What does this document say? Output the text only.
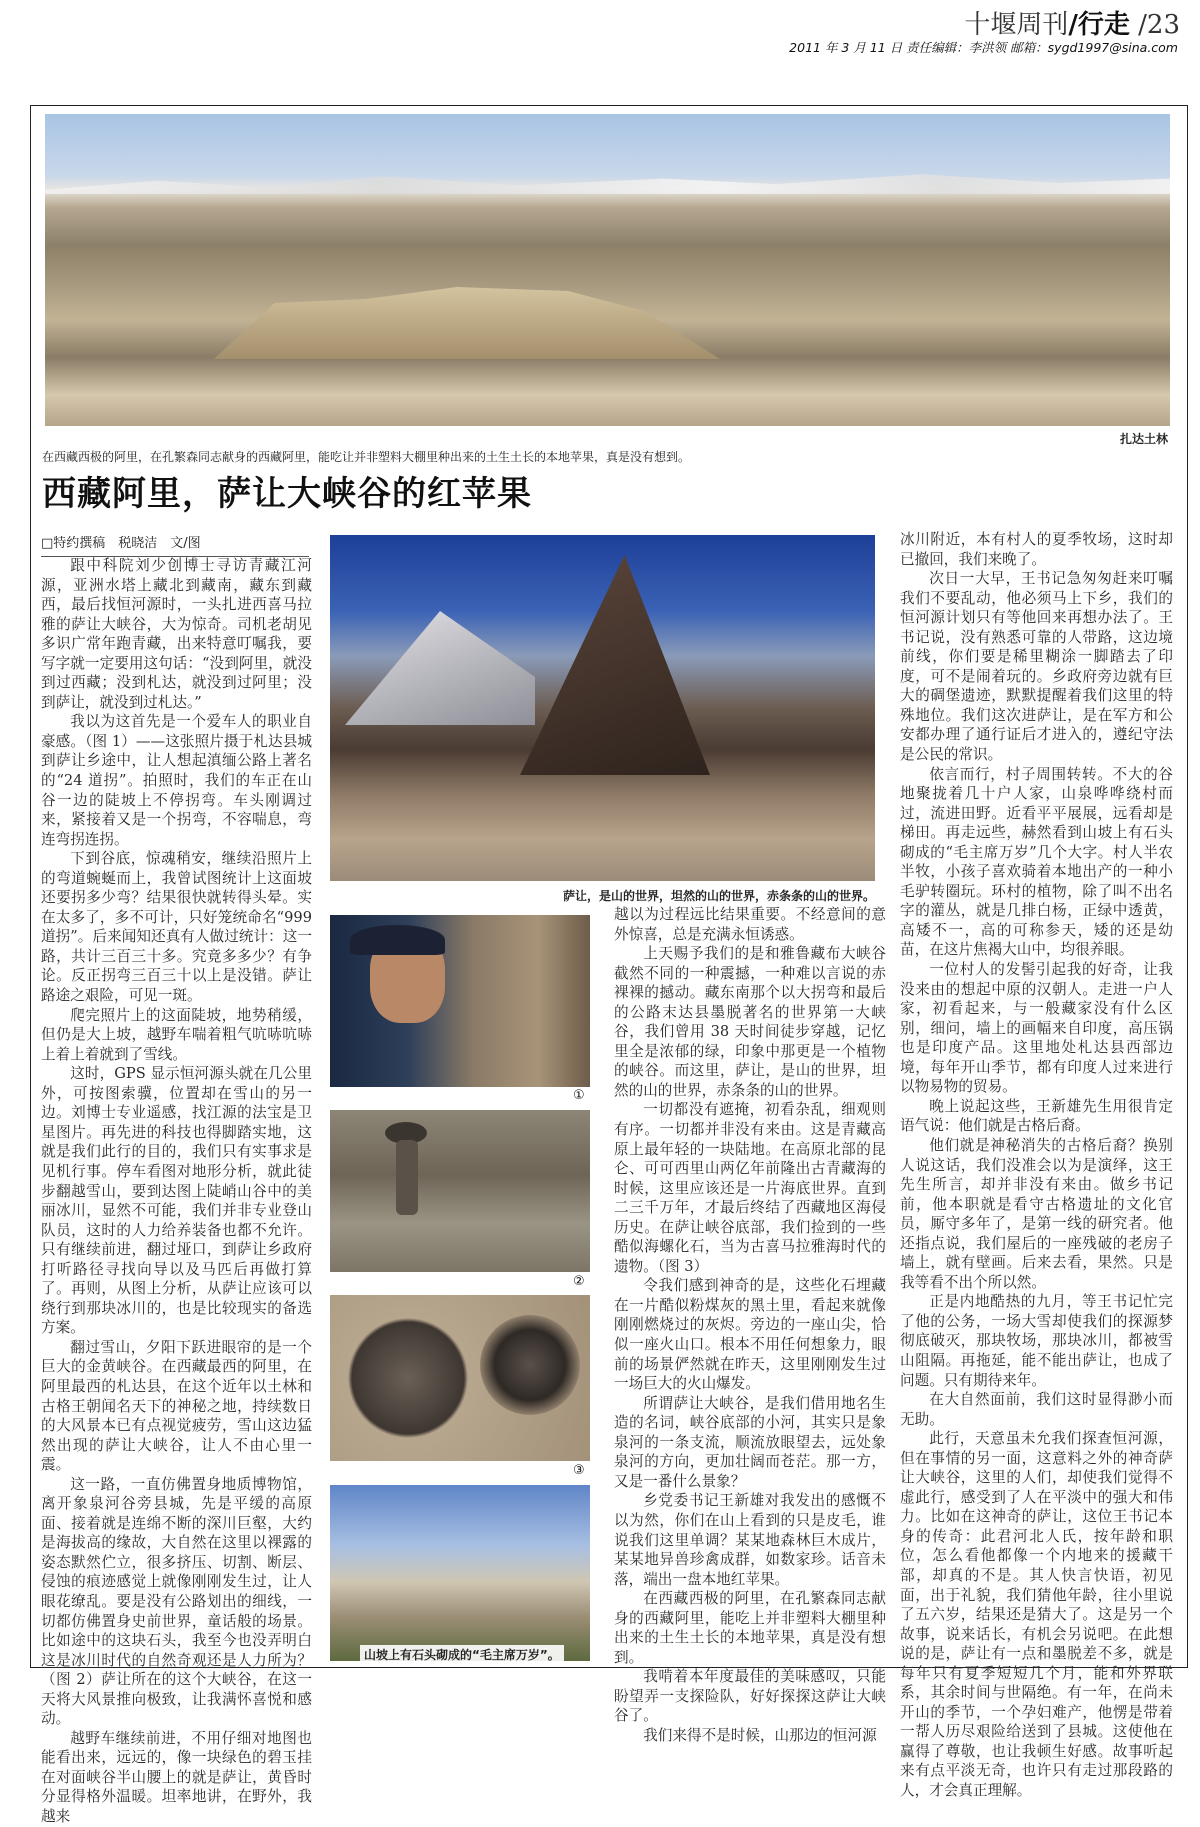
十堰周刊/行走 /23
2011 年 3 月 11 日 责任编辑：李洪领 邮箱：sygd1997@sina.com
扎达土林
在西藏西极的阿里，在孔繁森同志献身的西藏阿里，能吃让并非塑料大棚里种出来的土生土长的本地苹果，真是没有想到。
西藏阿里，萨让大峡谷的红苹果
□特约撰稿　税晓洁　文/图

跟中科院刘少创博士寻访青藏江河源，亚洲水塔上藏北到藏南，藏东到藏西，最后找恒河源时，一头扎进西喜马拉雅的萨让大峡谷，大为惊奇。司机老胡见多识广常年跑青藏，出来特意叮嘱我，要写字就一定要用这句话：“没到阿里，就没到过西藏；没到札达，就没到过阿里；没到萨让，就没到过札达。”

我以为这首先是一个爱车人的职业自豪感。（图 1）——这张照片摄于札达县城到萨让乡途中，让人想起滇缅公路上著名的“24 道拐”。拍照时，我们的车正在山谷一边的陡坡上不停拐弯。车头刚调过来，紧接着又是一个拐弯，不容喘息，弯连弯拐连拐。

下到谷底，惊魂稍安，继续沿照片上的弯道蜿蜒而上，我曾试图统计上这面坡还要拐多少弯？结果很快就转得头晕。实在太多了，多不可计，只好笼统命名“999 道拐”。后来闻知还真有人做过统计：这一路，共计三百三十多。究竟多多少？有争论。反正拐弯三百三十以上是没错。萨让路途之艰险，可见一斑。

爬完照片上的这面陡坡，地势稍缓，但仍是大上坡，越野车喘着粗气吭哧吭哧上着上着就到了雪线。

这时，GPS 显示恒河源头就在几公里外，可按图索骥，位置却在雪山的另一边。刘博士专业遥感，找江源的法宝是卫星图片。再先进的科技也得脚踏实地，这就是我们此行的目的，我们只有实事求是见机行事。停车看图对地形分析，就此徒步翻越雪山，要到达图上陡峭山谷中的美丽冰川，显然不可能，我们并非专业登山队员，这时的人力给养装备也都不允许。只有继续前进，翻过垭口，到萨让乡政府打听路径寻找向导以及马匹后再做打算了。再则，从图上分析，从萨让应该可以绕行到那块冰川的，也是比较现实的备选方案。

翻过雪山，夕阳下跃进眼帘的是一个巨大的金黄峡谷。在西藏最西的阿里，在阿里最西的札达县，在这个近年以土林和古格王朝闻名天下的神秘之地，持续数日的大风景本已有点视觉疲劳，雪山这边猛然出现的萨让大峡谷，让人不由心里一震。

这一路，一直仿佛置身地质博物馆，离开象泉河谷旁县城，先是平缓的高原面、接着就是连绵不断的深川巨壑，大约是海拔高的缘故，大自然在这里以裸露的姿态默然伫立，很多挤压、切割、断层、侵蚀的痕迹感觉上就像刚刚发生过，让人眼花缭乱。要是没有公路划出的细线，一切都仿佛置身史前世界，童话般的场景。比如途中的这块石头，我至今也没弄明白这是冰川时代的自然奇观还是人力所为？（图 2）萨让所在的这个大峡谷，在这一天将大风景推向极致，让我满怀喜悦和感动。

越野车继续前进，不用仔细对地图也能看出来，远远的，像一块绿色的碧玉挂在对面峡谷半山腰上的就是萨让，黄昏时分显得格外温暖。坦率地讲，在野外，我越来

萨让，是山的世界，坦然的山的世界，赤条条的山的世界。
①
②
③
山坡上有石头砌成的“毛主席万岁”。

越以为过程远比结果重要。不经意间的意外惊喜，总是充满永恒诱惑。

上天赐予我们的是和雅鲁藏布大峡谷截然不同的一种震撼，一种难以言说的赤裸裸的撼动。藏东南那个以大拐弯和最后的公路末达县墨脱著名的世界第一大峡谷，我们曾用 38 天时间徒步穿越，记忆里全是浓郁的绿，印象中那更是一个植物的峡谷。而这里，萨让，是山的世界，坦然的山的世界，赤条条的山的世界。

一切都没有遮掩，初看杂乱，细观则有序。一切都并非没有来由。这是青藏高原上最年轻的一块陆地。在高原北部的昆仑、可可西里山两亿年前隆出古青藏海的时候，这里应该还是一片海底世界。直到二三千万年，才最后终结了西藏地区海侵历史。在萨让峡谷底部，我们捡到的一些酷似海螺化石，当为古喜马拉雅海时代的遗物。（图 3）

令我们感到神奇的是，这些化石埋藏在一片酷似粉煤灰的黑土里，看起来就像刚刚燃烧过的灰烬。旁边的一座山尖，恰似一座火山口。根本不用任何想象力，眼前的场景俨然就在昨天，这里刚刚发生过一场巨大的火山爆发。

所谓萨让大峡谷，是我们借用地名生造的名词，峡谷底部的小河，其实只是象泉河的一条支流，顺流放眼望去，远处象泉河的方向，更加壮阔而苍茫。那一方，又是一番什么景象？

乡党委书记王新雄对我发出的感慨不以为然，你们在山上看到的只是皮毛，谁说我们这里单调？某某地森林巨木成片，某某地异兽珍禽成群，如数家珍。话音未落，端出一盘本地红苹果。

在西藏西极的阿里，在孔繁森同志献身的西藏阿里，能吃上并非塑料大棚里种出来的土生土长的本地苹果，真是没有想到。

我啃着本年度最佳的美味感叹，只能盼望弄一支探险队，好好探探这萨让大峡谷了。

我们来得不是时候，山那边的恒河源

冰川附近，本有村人的夏季牧场，这时却已撤回，我们来晚了。

次日一大早，王书记急匆匆赶来叮嘱我们不要乱动，他必须马上下乡，我们的恒河源计划只有等他回来再想办法了。王书记说，没有熟悉可靠的人带路，这边境前线，你们要是稀里糊涂一脚踏去了印度，可不是闹着玩的。乡政府旁边就有巨大的碉堡遗迹，默默提醒着我们这里的特殊地位。我们这次进萨让，是在军方和公安都办理了通行证后才进入的，遵纪守法是公民的常识。

依言而行，村子周围转转。不大的谷地聚拢着几十户人家，山泉哗哗绕村而过，流进田野。近看平平展展，远看却是梯田。再走远些，赫然看到山坡上有石头砌成的“毛主席万岁”几个大字。村人半农半牧，小孩子喜欢骑着本地出产的一种小毛驴转圈玩。环村的植物，除了叫不出名字的灌丛，就是几排白杨，正绿中透黄，高矮不一，高的可称参天，矮的还是幼苗，在这片焦褐大山中，均很养眼。

一位村人的发髻引起我的好奇，让我没来由的想起中原的汉朝人。走进一户人家，初看起来，与一般藏家没有什么区别，细问，墙上的画幅来自印度，高压锅也是印度产品。这里地处札达县西部边境，每年开山季节，都有印度人过来进行以物易物的贸易。

晚上说起这些，王新雄先生用很肯定语气说：他们就是古格后裔。

他们就是神秘消失的古格后裔？换别人说这话，我们没准会以为是演绎，这王先生所言，却并非没有来由。做乡书记前，他本职就是看守古格遗址的文化官员，厮守多年了，是第一线的研究者。他还指点说，我们屋后的一座残破的老房子墙上，就有壁画。后来去看，果然。只是我等看不出个所以然。

正是内地酷热的九月，等王书记忙完了他的公务，一场大雪却使我们的探源梦彻底破灭，那块牧场，那块冰川，都被雪山阻隔。再拖延，能不能出萨让，也成了问题。只有期待来年。

在大自然面前，我们这时显得渺小而无助。

此行，天意虽未允我们探查恒河源，但在事情的另一面，这意料之外的神奇萨让大峡谷，这里的人们，却使我们觉得不虚此行，感受到了人在平淡中的强大和伟力。比如在这神奇的萨让，这位王书记本身的传奇：此君河北人氏，按年龄和职位，怎么看他都像一个内地来的援藏干部，却真的不是。其人快言快语，初见面，出于礼貌，我们猜他年龄，往小里说了五六岁，结果还是猜大了。这是另一个故事，说来话长，有机会另说吧。在此想说的是，萨让有一点和墨脱差不多，就是每年只有夏季短短几个月，能和外界联系，其余时间与世隔绝。有一年，在尚未开山的季节，一个孕妇难产，他愣是带着一帮人历尽艰险给送到了县城。这使他在赢得了尊敬，也让我顿生好感。故事听起来有点平淡无奇，也许只有走过那段路的人，才会真正理解。
